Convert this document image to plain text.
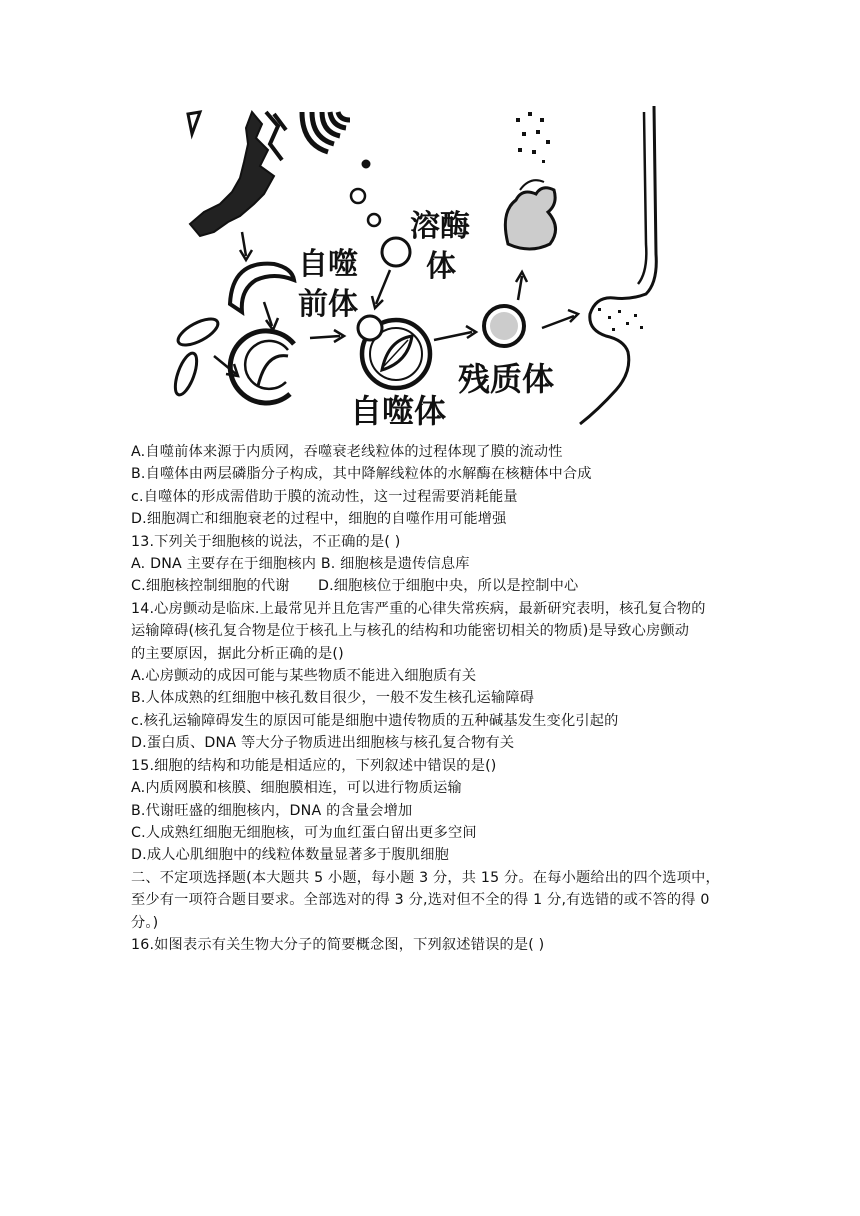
自噬
前体
溶酶
体
残质体
自噬体
A.自噬前体来源于内质网，吞噬衰老线粒体的过程体现了膜的流动性
B.自噬体由两层磷脂分子构成，其中降解线粒体的水解酶在核糖体中合成
c.自噬体的形成需借助于膜的流动性，这一过程需要消耗能量
D.细胞凋亡和细胞衰老的过程中，细胞的自噬作用可能增强
13.下列关于细胞核的说法，不正确的是( )
A. DNA 主要存在于细胞核内 B. 细胞核是遗传信息库
C.细胞核控制细胞的代谢      D.细胞核位于细胞中央，所以是控制中心
14.心房颤动是临床.上最常见并且危害严重的心律失常疾病，最新研究表明，核孔复合物的
运输障碍(核孔复合物是位于核孔上与核孔的结构和功能密切相关的物质)是导致心房颤动
的主要原因，据此分析正确的是()
A.心房颤动的成因可能与某些物质不能进入细胞质有关
B.人体成熟的红细胞中核孔数目很少，一般不发生核孔运输障碍
c.核孔运输障碍发生的原因可能是细胞中遗传物质的五种碱基发生变化引起的
D.蛋白质、DNA 等大分子物质进出细胞核与核孔复合物有关
15.细胞的结构和功能是相适应的，下列叙述中错误的是()
A.内质网膜和核膜、细胞膜相连，可以进行物质运输
B.代谢旺盛的细胞核内，DNA 的含量会增加
C.人成熟红细胞无细胞核，可为血红蛋白留出更多空间
D.成人心肌细胞中的线粒体数量显著多于腹肌细胞
二、不定项选择题(本大题共 5 小题，每小题 3 分，共 15 分。在每小题给出的四个选项中，
至少有一项符合题目要求。全部选对的得 3 分,选对但不全的得 1 分,有选错的或不答的得 0
分。)
16.如图表示有关生物大分子的简要概念图，下列叙述错误的是( )
